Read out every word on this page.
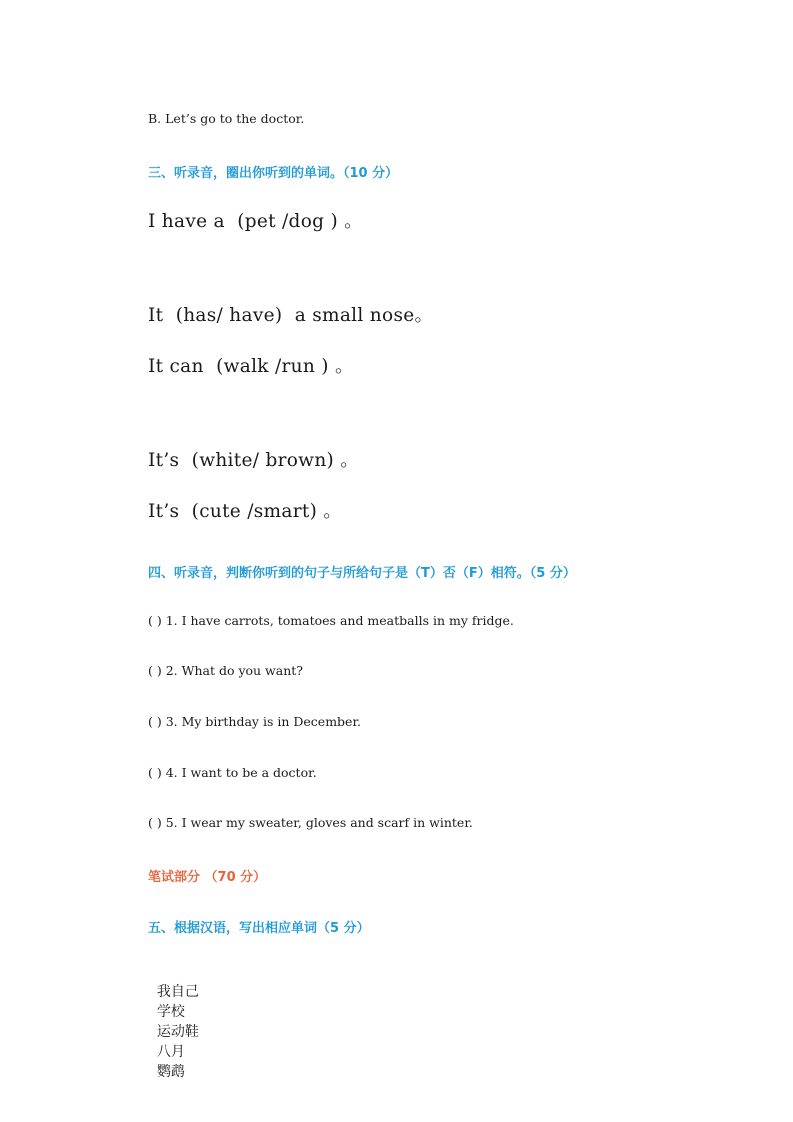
B. Let’s go to the doctor.
三、听录音，圈出你听到的单词。（10 分）
I have a  (pet /dog ) 。
It  (has/ have)  a small nose。
It can  (walk /run ) 。
It’s  (white/ brown) 。
It’s  (cute /smart) 。
四、听录音，判断你听到的句子与所给句子是（T）否（F）相符。（5 分）
( ) 1. I have carrots, tomatoes and meatballs in my fridge.
( ) 2. What do you want?
( ) 3. My birthday is in December.
( ) 4. I want to be a doctor.
( ) 5. I wear my sweater, gloves and scarf in winter.
笔试部分 （70 分）
五、根据汉语，写出相应单词（5 分）

我自己
学校
运动鞋
八月
鹦鹉
